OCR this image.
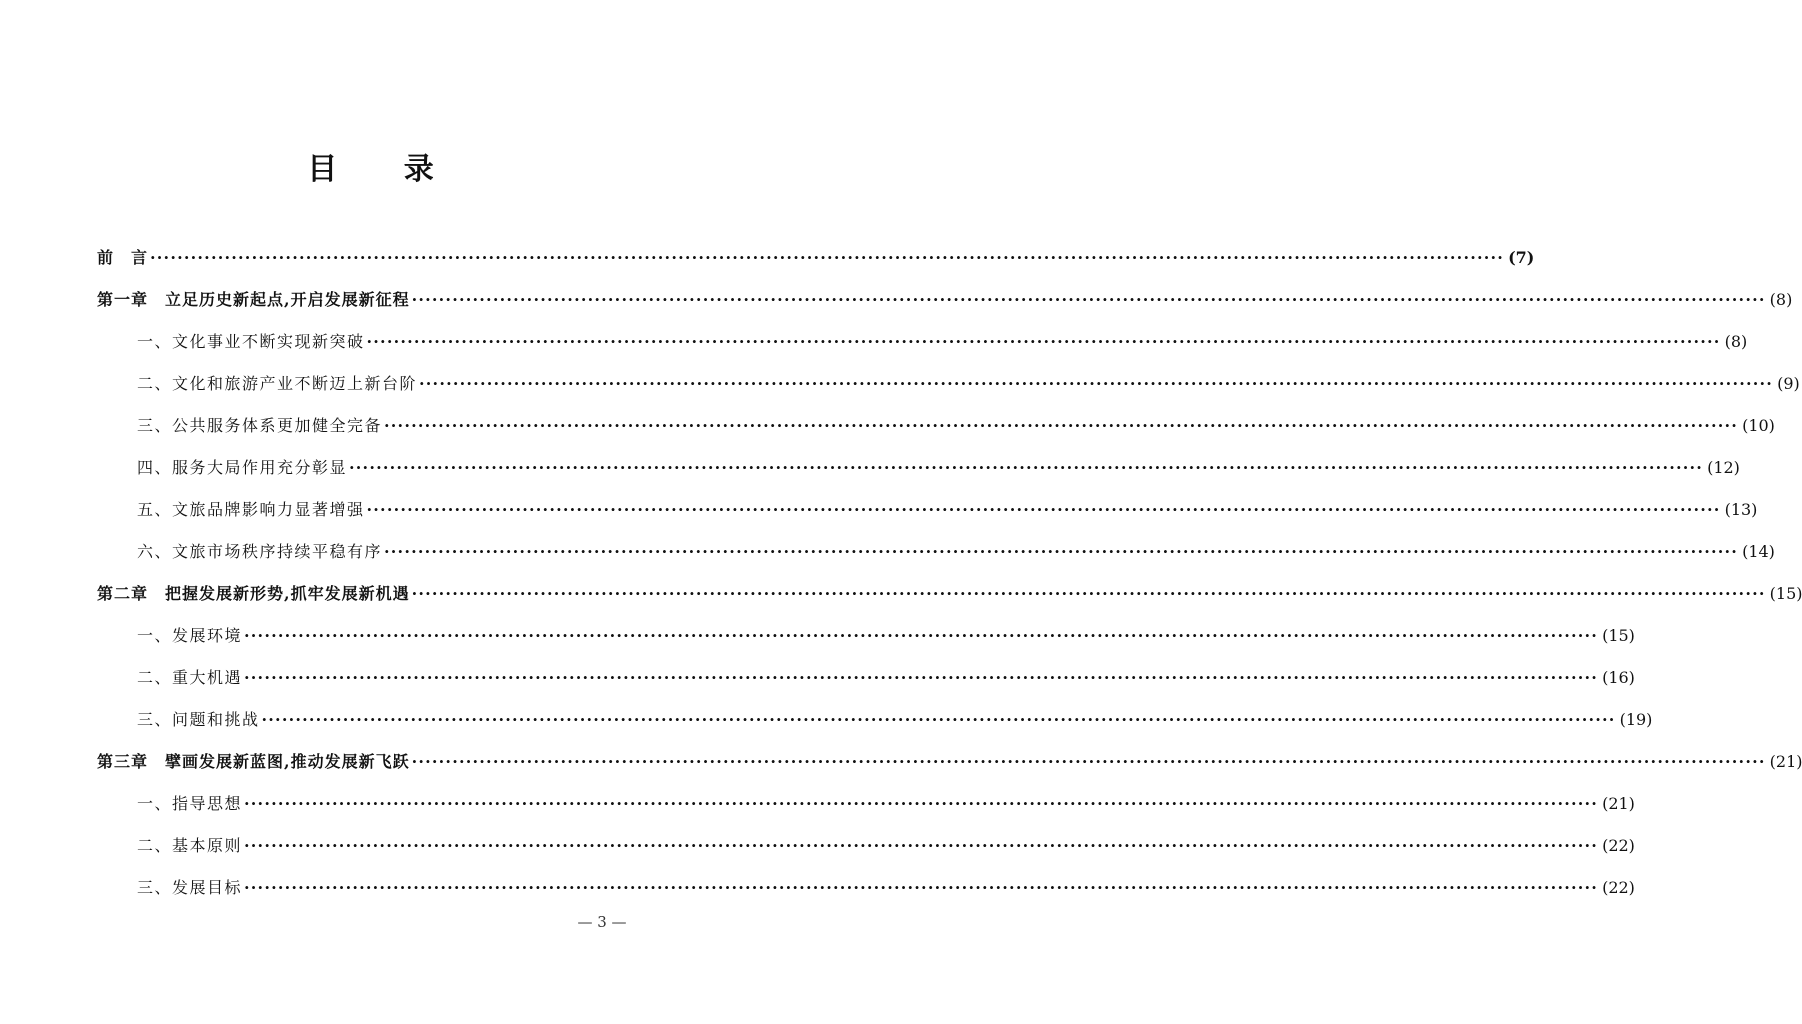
目 录
前　言 ········································································································································································································ (7)
第一章　立足历史新起点,开启发展新征程 ········································································································································································································ (8)
一、文化事业不断实现新突破 ········································································································································································································ (8)
二、文化和旅游产业不断迈上新台阶 ········································································································································································································ (9)
三、公共服务体系更加健全完备 ········································································································································································································ (10)
四、服务大局作用充分彰显 ········································································································································································································ (12)
五、文旅品牌影响力显著增强 ········································································································································································································ (13)
六、文旅市场秩序持续平稳有序 ········································································································································································································ (14)
第二章　把握发展新形势,抓牢发展新机遇 ········································································································································································································ (15)
一、发展环境 ········································································································································································································ (15)
二、重大机遇 ········································································································································································································ (16)
三、问题和挑战 ········································································································································································································ (19)
第三章　擘画发展新蓝图,推动发展新飞跃 ········································································································································································································ (21)
一、指导思想 ········································································································································································································ (21)
二、基本原则 ········································································································································································································ (22)
三、发展目标 ········································································································································································································ (22)
— 3 —
